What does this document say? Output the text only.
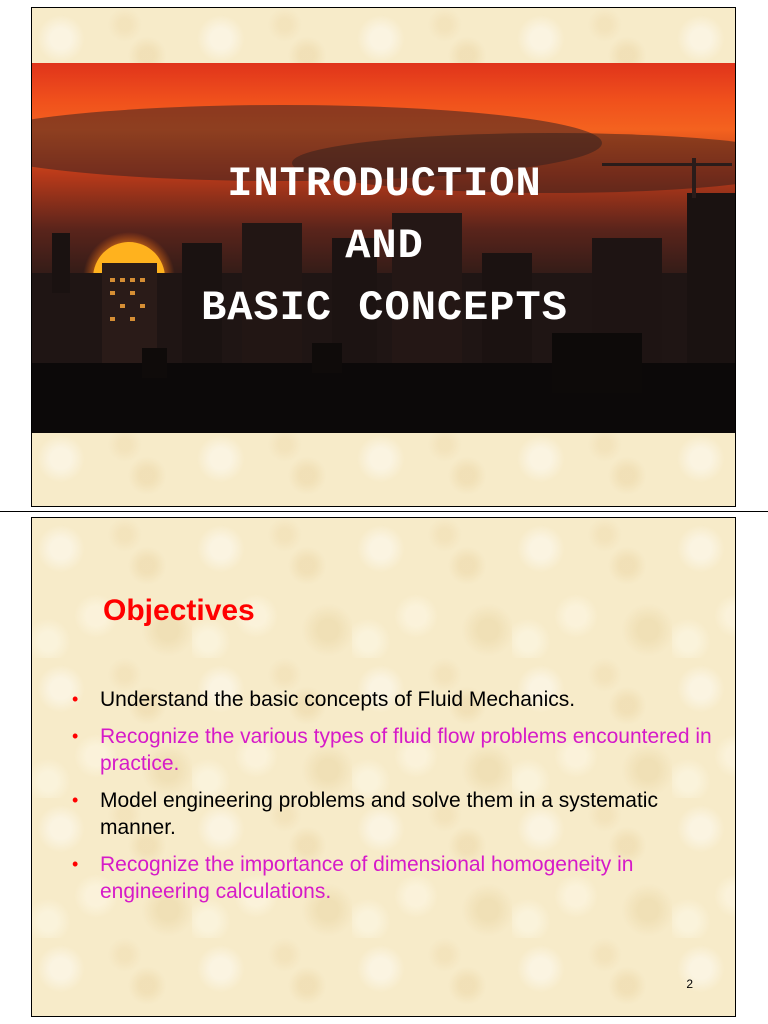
INTRODUCTION
AND
BASIC CONCEPTS
Objectives
• Understand the basic concepts of Fluid Mechanics.
• Recognize the various types of fluid flow problems encountered in practice.
• Model engineering problems and solve them in a systematic manner.
• Recognize the importance of dimensional homogeneity in engineering calculations.
2
